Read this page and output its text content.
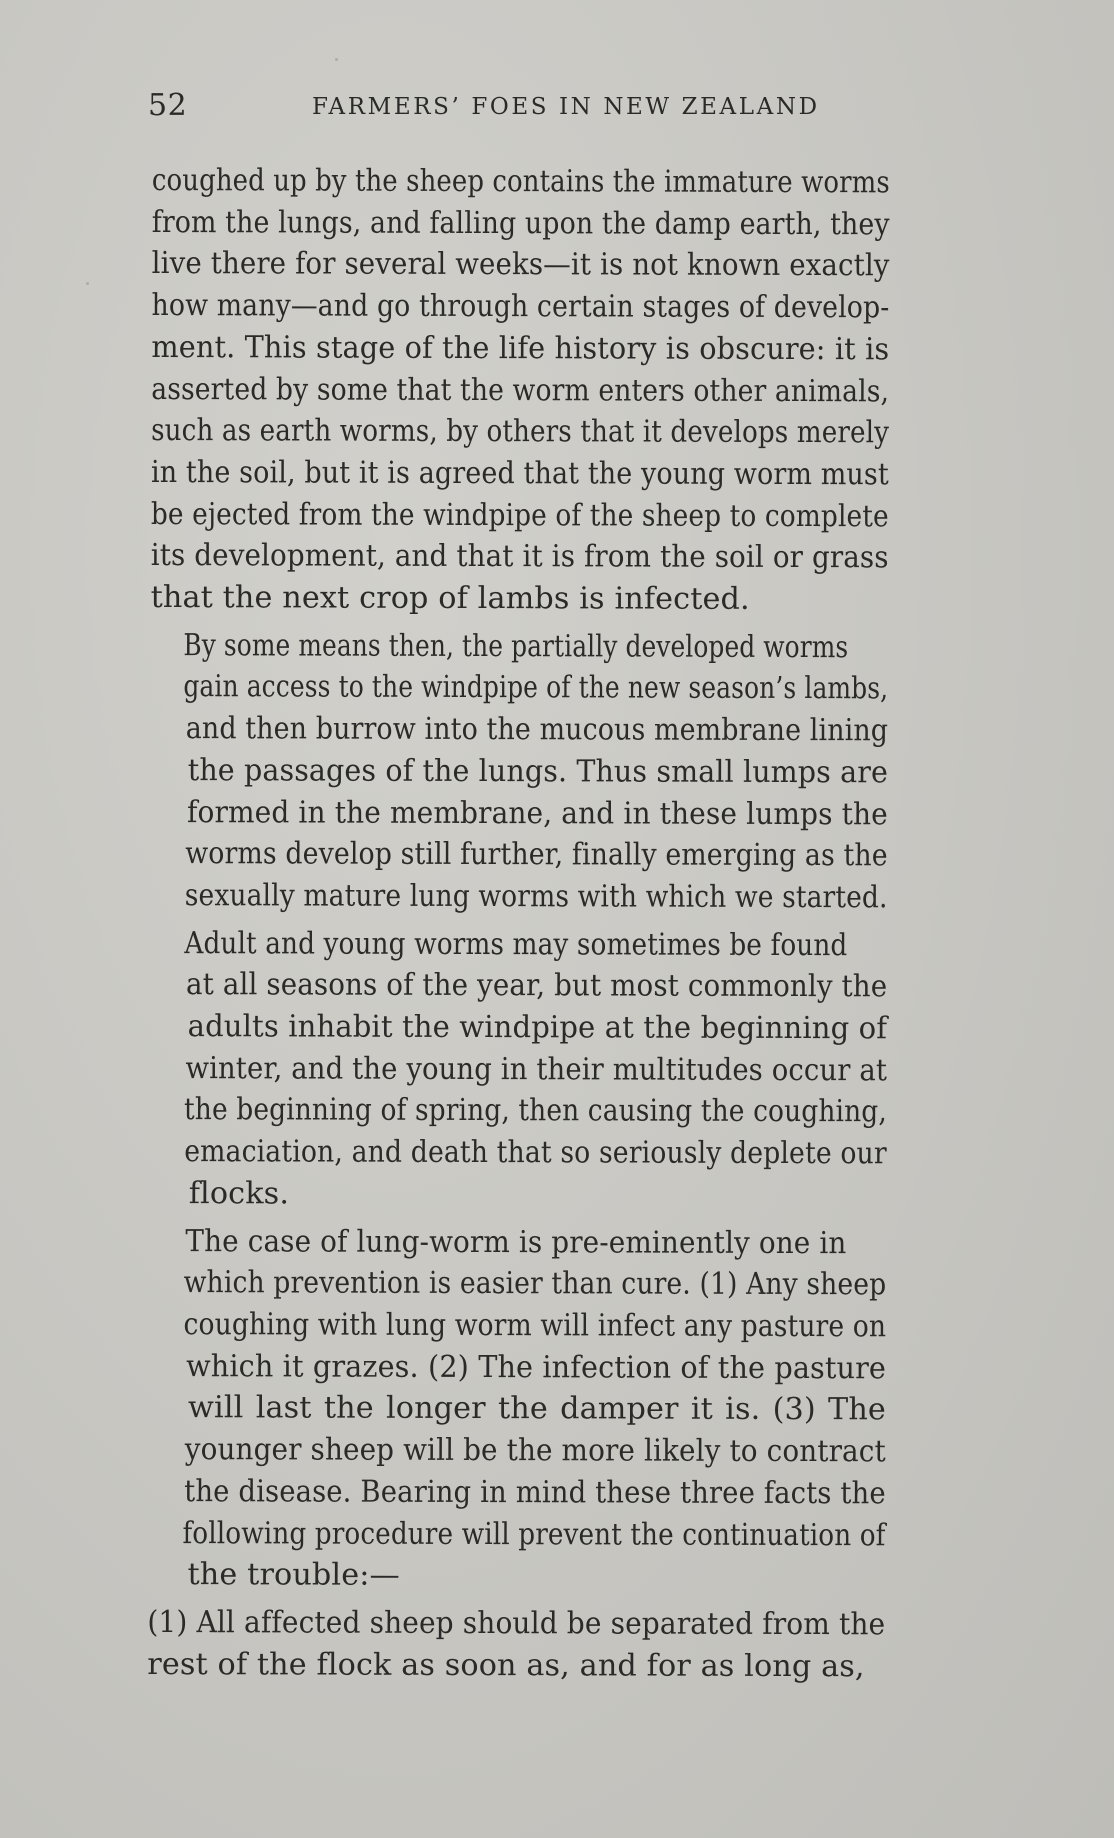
52	FARMERS’ FOES IN NEW ZEALAND

coughed up by the sheep contains the immature worms
from the lungs, and falling upon the damp earth, they
live there for several weeks—it is not known exactly
how many—and go through certain stages of develop-
ment. This stage of the life history is obscure: it is
asserted by some that the worm enters other animals,
such as earth worms, by others that it develops merely
in the soil, but it is agreed that the young worm must
be ejected from the windpipe of the sheep to complete
its development, and that it is from the soil or grass
that the next crop of lambs is infected.

By some means then, the partially developed worms
gain access to the windpipe of the new season’s lambs,
and then burrow into the mucous membrane lining
the passages of the lungs. Thus small lumps are
formed in the membrane, and in these lumps the
worms develop still further, finally emerging as the
sexually mature lung worms with which we started.

Adult and young worms may sometimes be found
at all seasons of the year, but most commonly the
adults inhabit the windpipe at the beginning of
winter, and the young in their multitudes occur at
the beginning of spring, then causing the coughing,
emaciation, and death that so seriously deplete our
flocks.

The case of lung-worm is pre-eminently one in
which prevention is easier than cure. (1) Any sheep
coughing with lung worm will infect any pasture on
which it grazes. (2) The infection of the pasture
will last the longer the damper it is. (3) The
younger sheep will be the more likely to contract
the disease. Bearing in mind these three facts the
following procedure will prevent the continuation of
the trouble:—

(1) All affected sheep should be separated from the
rest of the flock as soon as, and for as long as,
